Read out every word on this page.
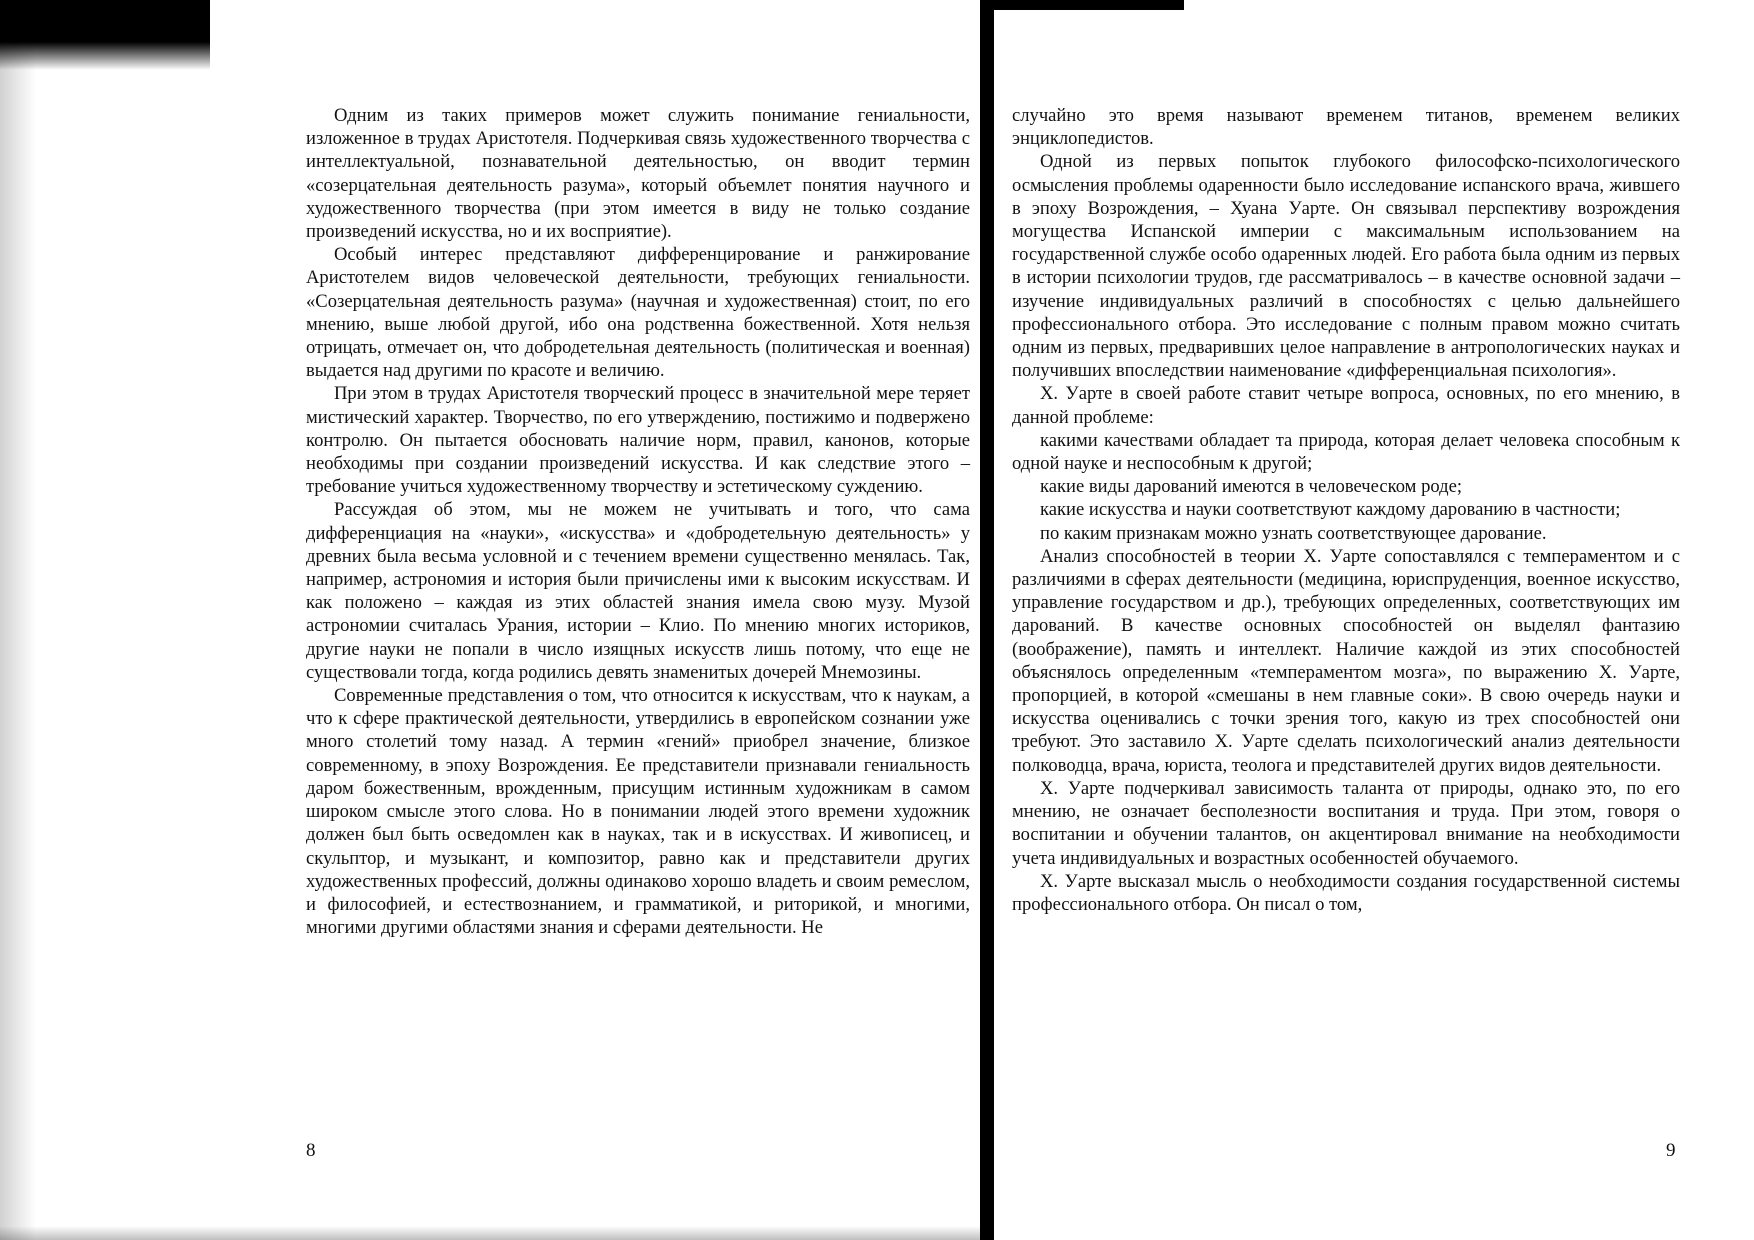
Одним из таких примеров может служить понимание гениальности, изложенное в трудах Аристотеля. Подчеркивая связь художественного творчества с интеллектуальной, познавательной деятельностью, он вводит термин «созерцательная деятельность разума», который объемлет понятия научного и художественного творчества (при этом имеется в виду не только создание произведений искусства, но и их восприятие).

Особый интерес представляют дифференцирование и ранжирование Аристотелем видов человеческой деятельности, требующих гениальности. «Созерцательная деятельность разума» (научная и художественная) стоит, по его мнению, выше любой другой, ибо она родственна божественной. Хотя нельзя отрицать, отмечает он, что добродетельная деятельность (политическая и военная) выдается над другими по красоте и величию.

При этом в трудах Аристотеля творческий процесс в значительной мере теряет мистический характер. Творчество, по его утверждению, постижимо и подвержено контролю. Он пытается обосновать наличие норм, правил, канонов, которые необходимы при создании произведений искусства. И как следствие этого – требование учиться художественному творчеству и эстетическому суждению.

Рассуждая об этом, мы не можем не учитывать и того, что сама дифференциация на «науки», «искусства» и «добродетельную деятельность» у древних была весьма условной и с течением времени существенно менялась. Так, например, астрономия и история были причислены ими к высоким искусствам. И как положено – каждая из этих областей знания имела свою музу. Музой астрономии считалась Урания, истории – Клио. По мнению многих историков, другие науки не попали в число изящных искусств лишь потому, что еще не существовали тогда, когда родились девять знаменитых дочерей Мнемозины.

Современные представления о том, что относится к искусствам, что к наукам, а что к сфере практической деятельности, утвердились в европейском сознании уже много столетий тому назад. А термин «гений» приобрел значение, близкое современному, в эпоху Возрождения. Ее представители признавали гениальность даром божественным, врожденным, присущим истинным художникам в самом широком смысле этого слова. Но в понимании людей этого времени художник должен был быть осведомлен как в науках, так и в искусствах. И живописец, и скульптор, и музыкант, и композитор, равно как и представители других художественных профессий, должны одинаково хорошо владеть и своим ремеслом, и философией, и естествознанием, и грамматикой, и риторикой, и многими, многими другими областями знания и сферами деятельности. Не

8

случайно это время называют временем титанов, временем великих энциклопедистов.

Одной из первых попыток глубокого философско-психологического осмысления проблемы одаренности было исследование испанского врача, жившего в эпоху Возрождения, – Хуана Уарте. Он связывал перспективу возрождения могущества Испанской империи с максимальным использованием на государственной службе особо одаренных людей. Его работа была одним из первых в истории психологии трудов, где рассматривалось – в качестве основной задачи – изучение индивидуальных различий в способностях с целью дальнейшего профессионального отбора. Это исследование с полным правом можно считать одним из первых, предваривших целое направление в антропологических науках и получивших впоследствии наименование «дифференциальная психология».

X. Уарте в своей работе ставит четыре вопроса, основных, по его мнению, в данной проблеме:

какими качествами обладает та природа, которая делает человека способным к одной науке и неспособным к другой;

какие виды дарований имеются в человеческом роде;

какие искусства и науки соответствуют каждому дарованию в частности;

по каким признакам можно узнать соответствующее дарование.

Анализ способностей в теории X. Уарте сопоставлялся с темпераментом и с различиями в сферах деятельности (медицина, юриспруденция, военное искусство, управление государством и др.), требующих определенных, соответствующих им дарований. В качестве основных способностей он выделял фантазию (воображение), память и интеллект. Наличие каждой из этих способностей объяснялось определенным «темпераментом мозга», по выражению X. Уарте, пропорцией, в которой «смешаны в нем главные соки». В свою очередь науки и искусства оценивались с точки зрения того, какую из трех способностей они требуют. Это заставило X. Уарте сделать психологический анализ деятельности полководца, врача, юриста, теолога и представителей других видов деятельности.

X. Уарте подчеркивал зависимость таланта от природы, однако это, по его мнению, не означает бесполезности воспитания и труда. При этом, говоря о воспитании и обучении талантов, он акцентировал внимание на необходимости учета индивидуальных и возрастных особенностей обучаемого.

X. Уарте высказал мысль о необходимости создания государственной системы профессионального отбора. Он писал о том,

9
